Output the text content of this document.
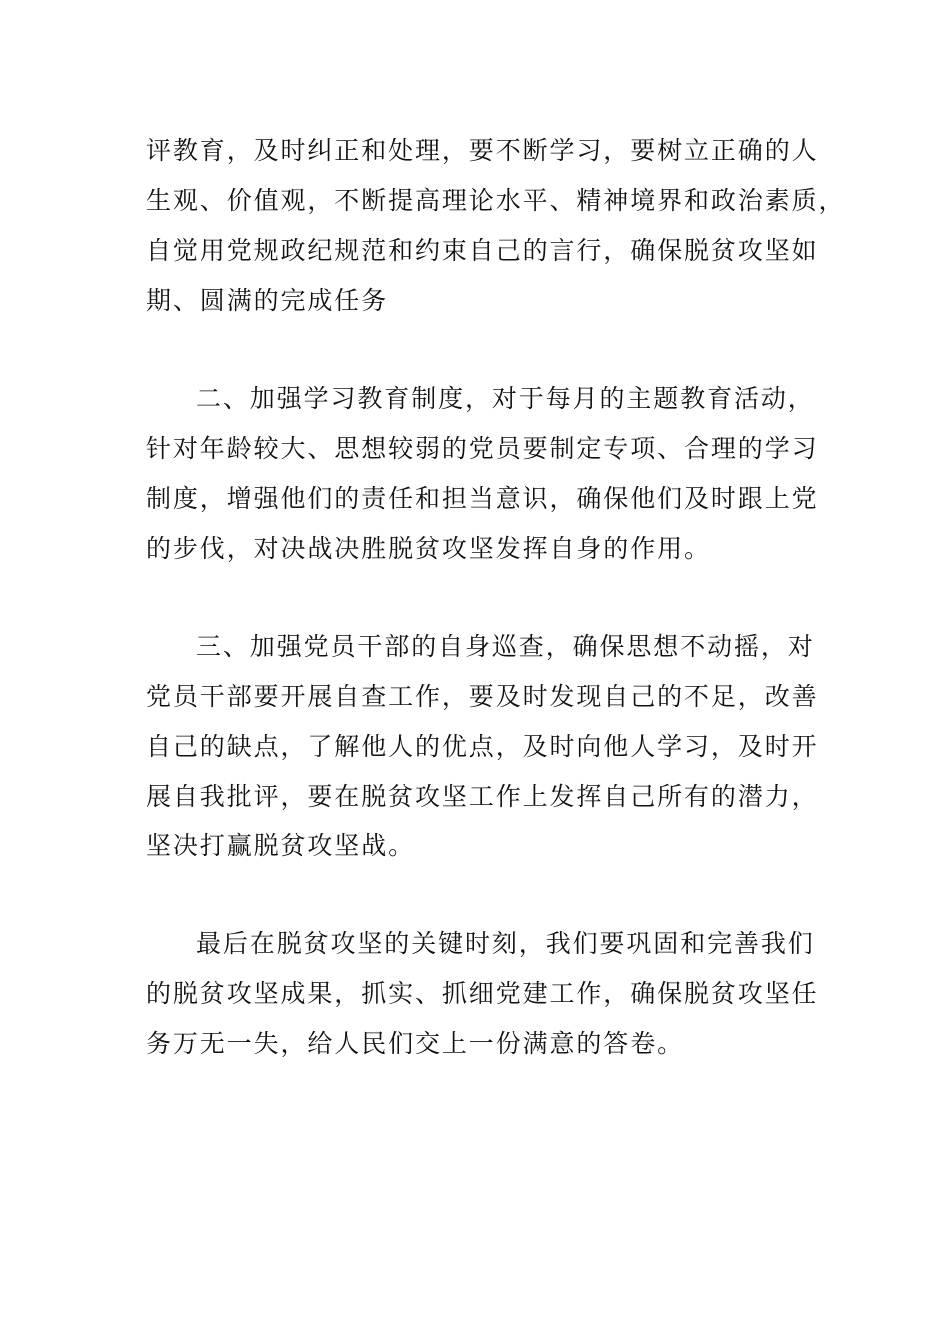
评教育，及时纠正和处理，要不断学习，要树立正确的人
生观、价值观，不断提高理论水平、精神境界和政治素质，
自觉用党规政纪规范和约束自己的言行，确保脱贫攻坚如
期、圆满的完成任务
二、加强学习教育制度，对于每月的主题教育活动，
针对年龄较大、思想较弱的党员要制定专项、合理的学习
制度，增强他们的责任和担当意识，确保他们及时跟上党
的步伐，对决战决胜脱贫攻坚发挥自身的作用。
三、加强党员干部的自身巡查，确保思想不动摇，对
党员干部要开展自查工作，要及时发现自己的不足，改善
自己的缺点，了解他人的优点，及时向他人学习，及时开
展自我批评，要在脱贫攻坚工作上发挥自己所有的潜力，
坚决打赢脱贫攻坚战。
最后在脱贫攻坚的关键时刻，我们要巩固和完善我们
的脱贫攻坚成果，抓实、抓细党建工作，确保脱贫攻坚任
务万无一失，给人民们交上一份满意的答卷。
